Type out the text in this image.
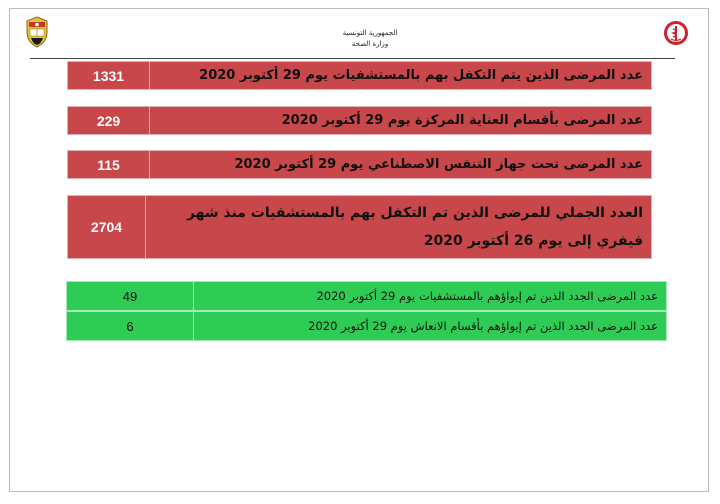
الجمهورية التونسية
وزارة الصحة
عدد المرضى الذين يتم التكفل بهم بالمستشفيات يوم 29 أكتوبر 2020
1331
عدد المرضى بأقسام العناية المركزة يوم 29 أكتوبر 2020
229
عدد المرضى تحت جهاز التنفس الاصطناعي يوم 29 أكتوبر 2020
115
العدد الجملي للمرضى الذين تم التكفل بهم بالمستشفيات منذ شهر فيفري إلى يوم 26 أكتوبر 2020
2704
عدد المرضى الجدد الذين تم إيواؤهم بالمستشفيات يوم 29 أكتوبر 2020
49
عدد المرضى الجدد الذين تم إيواؤهم بأقسام الانعاش يوم 29 أكتوبر 2020
6
